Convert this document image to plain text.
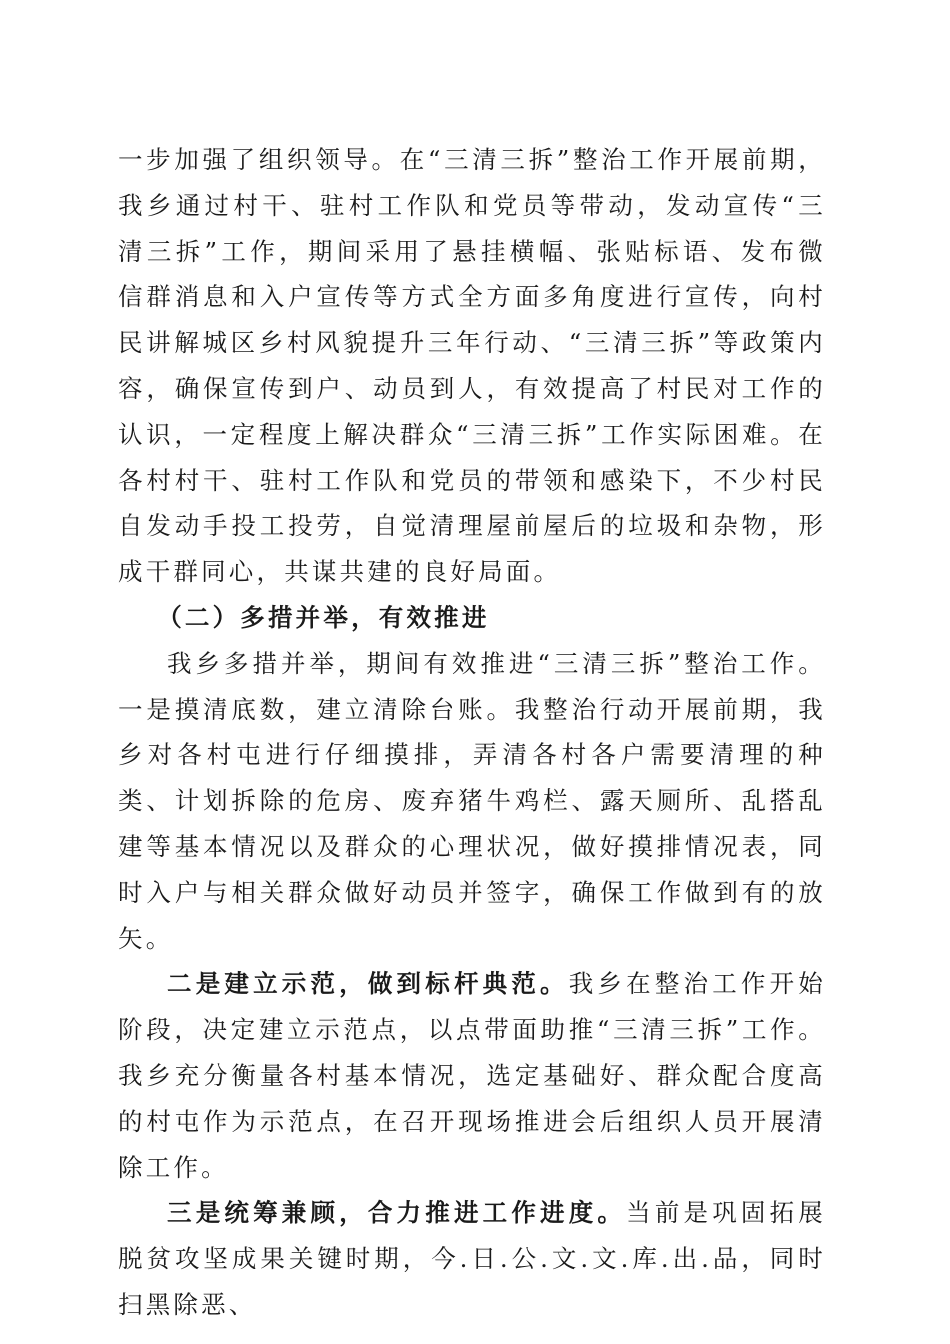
一步加强了组织领导。在“三清三拆”整治工作开展前期，我乡通过村干、驻村工作队和党员等带动，发动宣传“三清三拆”工作，期间采用了悬挂横幅、张贴标语、发布微信群消息和入户宣传等方式全方面多角度进行宣传，向村民讲解城区乡村风貌提升三年行动、“三清三拆”等政策内容，确保宣传到户、动员到人，有效提高了村民对工作的认识，一定程度上解决群众“三清三拆”工作实际困难。在各村村干、驻村工作队和党员的带领和感染下，不少村民自发动手投工投劳，自觉清理屋前屋后的垃圾和杂物，形成干群同心，共谋共建的良好局面。

（二）多措并举，有效推进

我乡多措并举，期间有效推进“三清三拆”整治工作。一是摸清底数，建立清除台账。我整治行动开展前期，我乡对各村屯进行仔细摸排，弄清各村各户需要清理的种类、计划拆除的危房、废弃猪牛鸡栏、露天厕所、乱搭乱建等基本情况以及群众的心理状况，做好摸排情况表，同时入户与相关群众做好动员并签字，确保工作做到有的放矢。

二是建立示范，做到标杆典范。我乡在整治工作开始阶段，决定建立示范点，以点带面助推“三清三拆”工作。我乡充分衡量各村基本情况，选定基础好、群众配合度高的村屯作为示范点，在召开现场推进会后组织人员开展清除工作。

三是统筹兼顾，合力推进工作进度。当前是巩固拓展脱贫攻坚成果关键时期，今.日.公.文.文.库.出.品，同时扫黑除恶、
